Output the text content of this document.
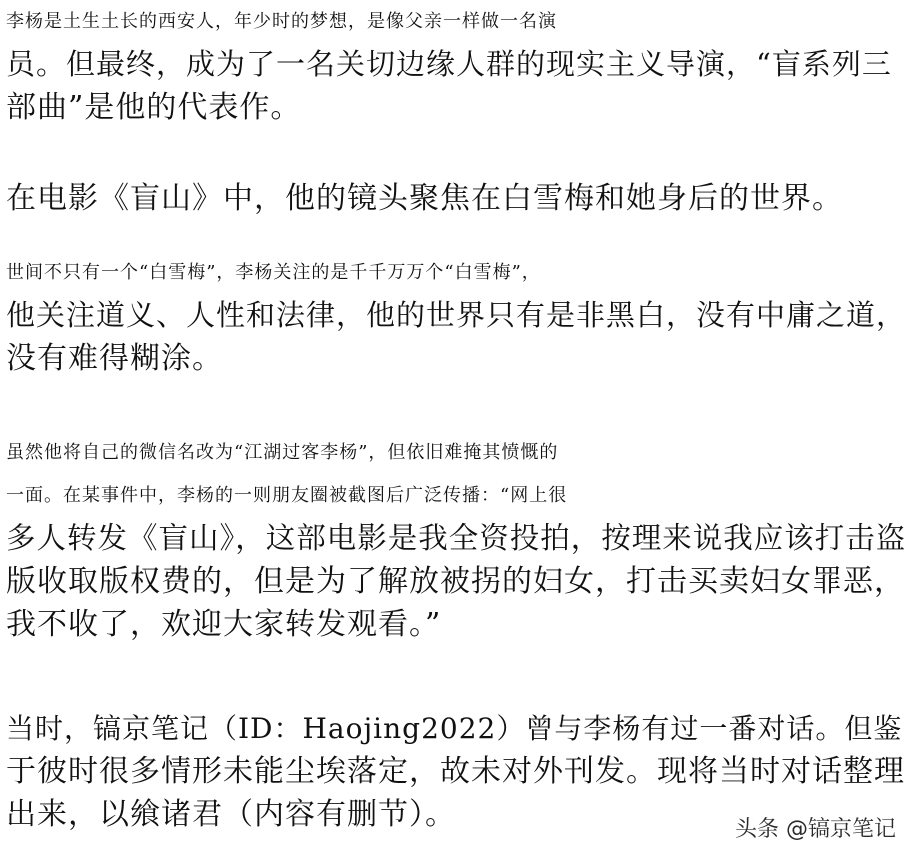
李杨是土生土长的西安人，年少时的梦想，是像父亲一样做一名演
员。但最终，成为了一名关切边缘人群的现实主义导演，“盲系列三
部曲”是他的代表作。
在电影《盲山》中，他的镜头聚焦在白雪梅和她身后的世界。
世间不只有一个“白雪梅”，李杨关注的是千千万万个“白雪梅”，
他关注道义、人性和法律，他的世界只有是非黑白，没有中庸之道，
没有难得糊涂。
虽然他将自己的微信名改为“江湖过客李杨”，但依旧难掩其愤慨的
一面。在某事件中，李杨的一则朋友圈被截图后广泛传播：“网上很
多人转发《盲山》，这部电影是我全资投拍，按理来说我应该打击盗
版收取版权费的，但是为了解放被拐的妇女，打击买卖妇女罪恶，
我不收了，欢迎大家转发观看。”
当时，镐京笔记（ID：Haojing2022）曾与李杨有过一番对话。但鉴
于彼时很多情形未能尘埃落定，故未对外刊发。现将当时对话整理
出来，以飨诸君（内容有删节）。	头条 @镐京笔记
